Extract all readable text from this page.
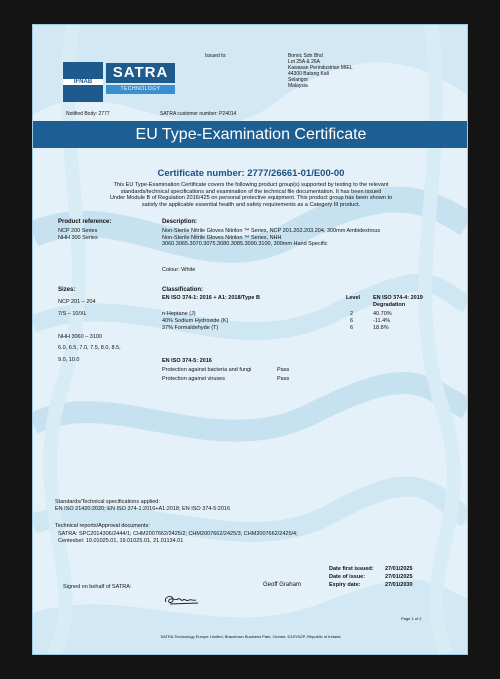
IFNAB
SATRA
TECHNOLOGY
Issued to:	Bonric Sdn Bhd
Lot 25A & 26A
Kawasan Perindustrian MIEL
44300 Batang Kali
Selangor
Malaysia
Notified Body: 2777	SATRA customer number: P24014
EU Type-Examination Certificate
Certificate number: 2777/26661-01/E00-00
This EU Type-Examination Certificate covers the following product group(s) supported by testing to the relevant
standards/technical specifications and examination of the technical file documentation. It has been issued
Under Module B of Regulation 2016/425 on personal protective equipment. This product group has been shown to
satisfy the applicable essential health and safety requirements as a Category III product.
Product reference:
NCP 200 Series
NHH 300 Series
Description:
Non-Sterile Nitrile Gloves Nitrilon ™ Series, NCP 201.202.203.204, 300mm Ambidextrous
Non-Sterile Nitrile Gloves Nitrilon ™ Series, NHH
3060.3065.3070.3075.3080.3085.3090.3100, 300mm Hand Specific
Colour: White
Sizes:
NCP 201 – 204
7/S – 10/XL

NHH 3060 – 3100
6.0, 6.5, 7.0, 7.5, 8.0, 8.5,
9.0, 10.0
Classification:
EN ISO 374-1: 2016 + A1: 2018/Type B	Level EN ISO 374-4: 2019
Degradation
n-Heptane (J)	2	40.70%
40% Sodium Hydroxide (K)	6	-11.4%
37% Formaldehyde (T)	6	18.8%
EN ISO 374-5: 2016
Protection against bacteria and fungi	Pass
Protection against viruses	Pass
Standards/Technical specifications applied:
EN ISO 21420:2020; EN ISO 374-1:2016+A1:2018; EN ISO 374-5:2016
Technical reports/Approval documents:
SATRA: SPC2014306/2444/1; CHM2007662/2425/2; CHM2007662/2425/3; CHM2007662/2425/4;
Centexbel: 19.01025.01, 19.01025.01, 21.01134.01
Signed on behalf of SATRA:	Geoff Graham
Date first issued: 27/01/2025
Date of issue:	27/01/2025
Expiry date:	27/01/2030
Page 1 of 2
SATRA Technology Europe Limited, Bracetown Business Park, Clonee, D15YN2P, Republic of Ireland.
